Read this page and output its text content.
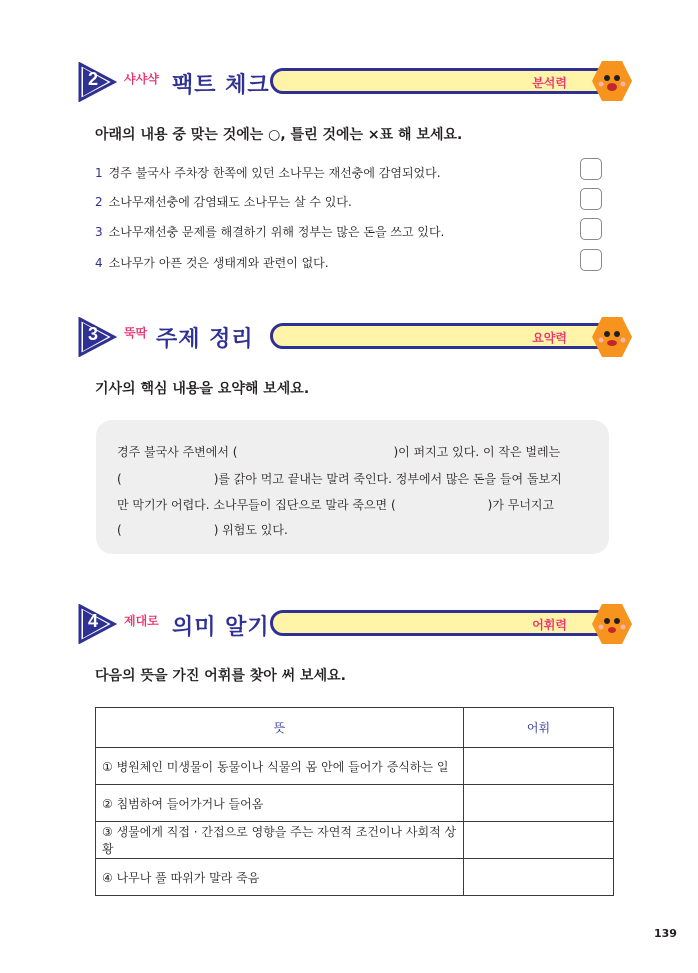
2 샤샤샥 팩트 체크	분석력
아래의 내용 중 맞는 것에는 ○, 틀린 것에는 ×표 해 보세요.
1 경주 불국사 주차장 한쪽에 있던 소나무는 재선충에 감염되었다.
2 소나무재선충에 감염돼도 소나무는 살 수 있다.
3 소나무재선충 문제를 해결하기 위해 정부는 많은 돈을 쓰고 있다.
4 소나무가 아픈 것은 생태계와 관련이 없다.
3 뚝딱 주제 정리	요약력
기사의 핵심 내용을 요약해 보세요.
경주 불국사 주변에서 (	)이 퍼지고 있다. 이 작은 벌레는
(	)를 갉아 먹고 끝내는 말려 죽인다. 정부에서 많은 돈을 들여 돌보지
만 막기가 어렵다. 소나무들이 집단으로 말라 죽으면 (	)가 무너지고
(	) 위험도 있다.
4 제대로 의미 알기	어휘력
다음의 뜻을 가진 어휘를 찾아 써 보세요.
뜻	어휘
① 병원체인 미생물이 동물이나 식물의 몸 안에 들어가 증식하는 일	
② 침범하여 들어가거나 들어옴	
③ 생물에게 직접 · 간접으로 영향을 주는 자연적 조건이나 사회적 상황	
④ 나무나 풀 따위가 말라 죽음	
139
